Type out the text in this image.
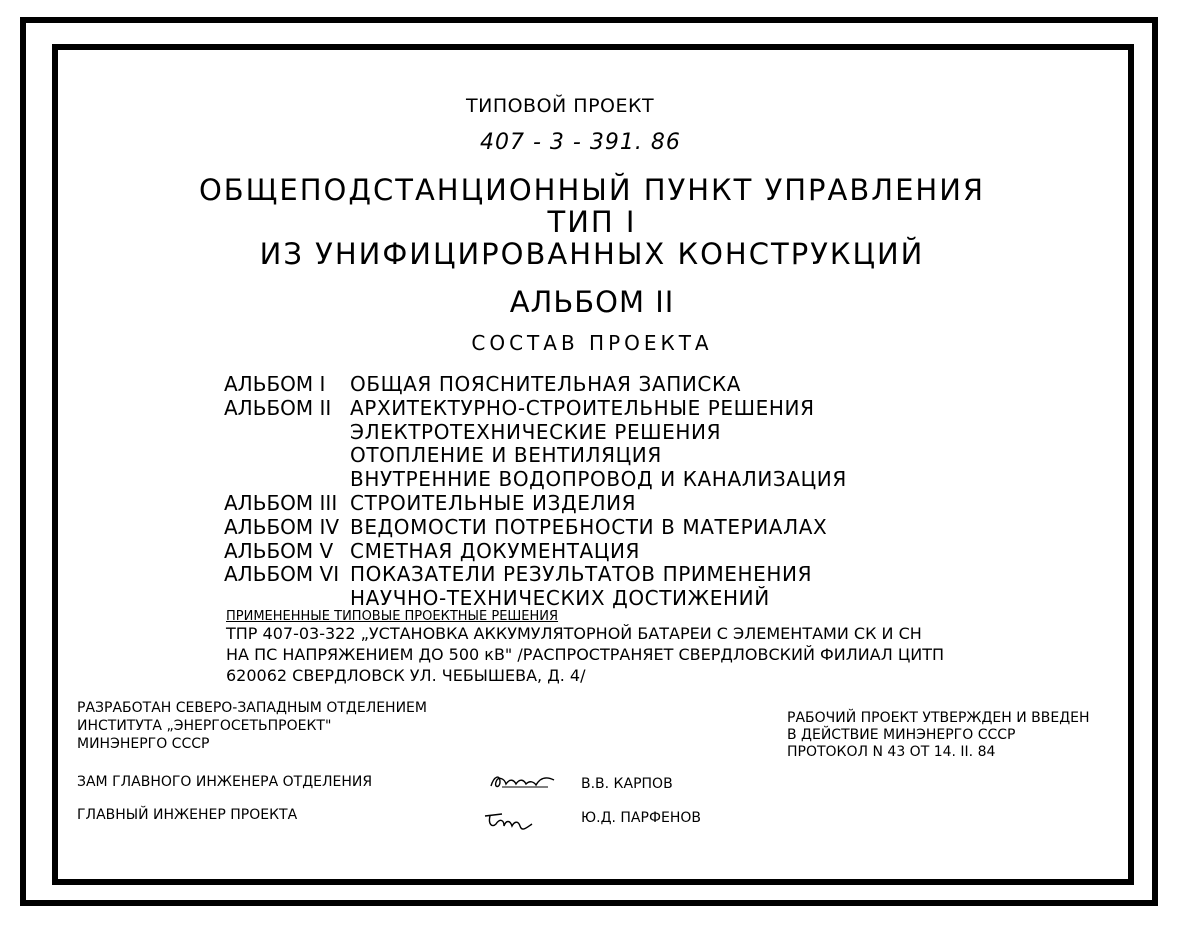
ТИПОВОЙ ПРОЕКТ
407 - 3 - 391. 86
ОБЩЕПОДСТАНЦИОННЫЙ ПУНКТ УПРАВЛЕНИЯ
ТИП I
ИЗ УНИФИЦИРОВАННЫХ КОНСТРУКЦИЙ
АЛЬБОМ II
СОСТАВ ПРОЕКТА
АЛЬБОМ I ОБЩАЯ ПОЯСНИТЕЛЬНАЯ ЗАПИСКА
АЛЬБОМ II АРХИТЕКТУРНО-СТРОИТЕЛЬНЫЕ РЕШЕНИЯ
ЭЛЕКТРОТЕХНИЧЕСКИЕ РЕШЕНИЯ
ОТОПЛЕНИЕ И ВЕНТИЛЯЦИЯ
ВНУТРЕННИЕ ВОДОПРОВОД И КАНАЛИЗАЦИЯ
АЛЬБОМ III СТРОИТЕЛЬНЫЕ ИЗДЕЛИЯ
АЛЬБОМ IV ВЕДОМОСТИ ПОТРЕБНОСТИ В МАТЕРИАЛАХ
АЛЬБОМ V СМЕТНАЯ ДОКУМЕНТАЦИЯ
АЛЬБОМ VI ПОКАЗАТЕЛИ РЕЗУЛЬТАТОВ ПРИМЕНЕНИЯ
НАУЧНО-ТЕХНИЧЕСКИХ ДОСТИЖЕНИЙ
ПРИМЕНЕННЫЕ ТИПОВЫЕ ПРОЕКТНЫЕ РЕШЕНИЯ
ТПР 407-03-322 „УСТАНОВКА АККУМУЛЯТОРНОЙ БАТАРЕИ С ЭЛЕМЕНТАМИ СК И СН
НА ПС НАПРЯЖЕНИЕМ ДО 500 кВ" /РАСПРОСТРАНЯЕТ СВЕРДЛОВСКИЙ ФИЛИАЛ ЦИТП
620062 СВЕРДЛОВСК УЛ. ЧЕБЫШЕВА, Д. 4/
РАЗРАБОТАН СЕВЕРО-ЗАПАДНЫМ ОТДЕЛЕНИЕМ
ИНСТИТУТА „ЭНЕРГОСЕТЬПРОЕКТ"
МИНЭНЕРГО СССР
РАБОЧИЙ ПРОЕКТ УТВЕРЖДЕН И ВВЕДЕН
В ДЕЙСТВИЕ МИНЭНЕРГО СССР
ПРОТОКОЛ N 43 ОТ 14. II. 84
ЗАМ ГЛАВНОГО ИНЖЕНЕРА ОТДЕЛЕНИЯ	В.В. КАРПОВ
ГЛАВНЫЙ ИНЖЕНЕР ПРОЕКТА	Ю.Д. ПАРФЕНОВ
